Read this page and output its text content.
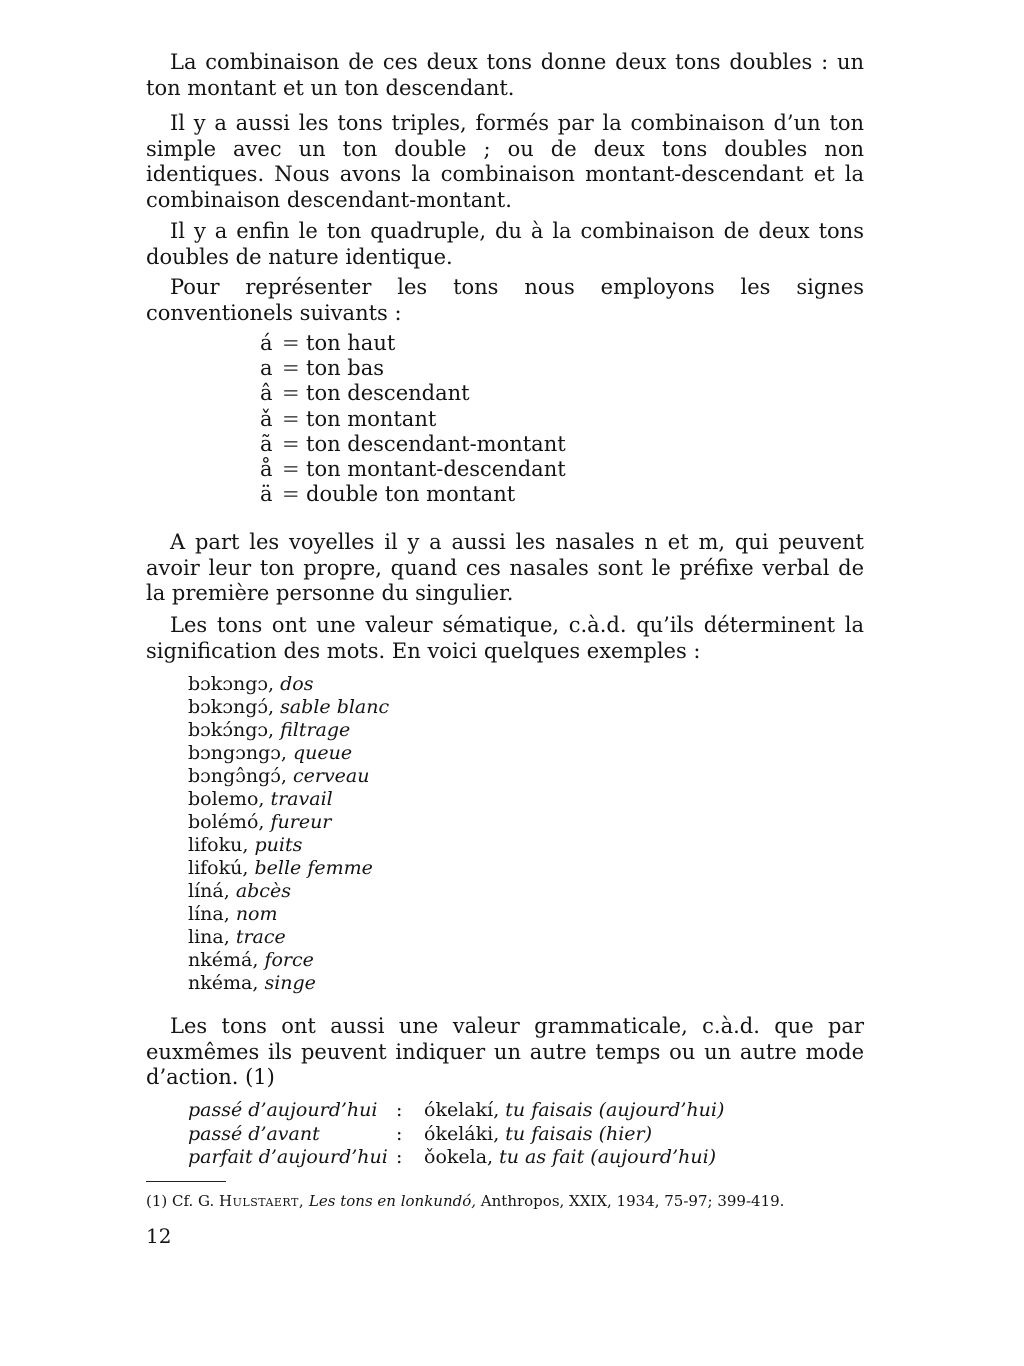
La combinaison de ces deux tons donne deux tons doubles : un ton montant et un ton descendant.

Il y a aussi les tons triples, formés par la combinaison d’un ton simple avec un ton double ; ou de deux tons doubles non identiques. Nous avons la combinaison montant-descendant et la combinaison descendant-montant.

Il y a enfin le ton quadruple, du à la combinaison de deux tons doubles de nature identique.

Pour représenter les tons nous employons les signes conventionels suivants :

á = ton haut
a = ton bas
â = ton descendant
ǎ = ton montant
ã = ton descendant-montant
å = ton montant-descendant
ä = double ton montant

A part les voyelles il y a aussi les nasales n et m, qui peuvent avoir leur ton propre, quand ces nasales sont le préfixe verbal de la première personne du singulier.

Les tons ont une valeur sématique, c.à.d. qu’ils déterminent la signification des mots. En voici quelques exemples :

bɔkɔngɔ, dos
bɔkɔngɔ́, sable blanc
bɔkɔ́ngɔ, filtrage
bɔngɔngɔ, queue
bɔngɔ̂ngɔ́, cerveau
bolemo, travail
bolémó, fureur
lifoku, puits
lifokú, belle femme
líná, abcès
lína, nom
lina, trace
nkémá, force
nkéma, singe

Les tons ont aussi une valeur grammaticale, c.à.d. que par euxmêmes ils peuvent indiquer un autre temps ou un autre mode d’action. (1)

passé d’aujourd’hui : ókelakí, tu faisais (aujourd’hui)
passé d’avant	: ókeláki, tu faisais (hier)
parfait d’aujourd’hui : ǒokela, tu as fait (aujourd’hui)
(1) Cf. G. Hulstaert, Les tons en lonkundó, Anthropos, XXIX, 1934, 75-97; 399-419.
12
